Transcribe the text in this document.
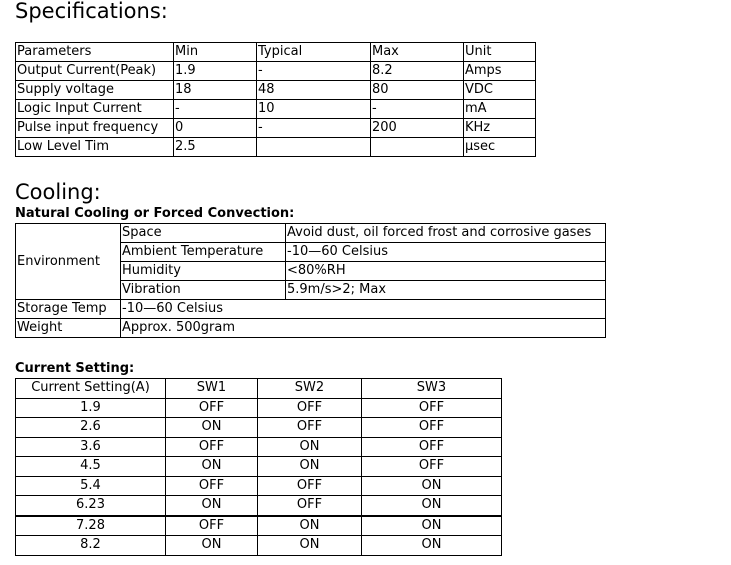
Specifications:
Parameters	Min	Typical	Max	Unit
Output Current(Peak)	1.9	-	8.2	Amps
Supply voltage	18	48	80	VDC
Logic Input Current	-	10	-	mA
Pulse input frequency	0	-	200	KHz
Low Level Tim	2.5			μsec
Cooling:
Natural Cooling or Forced Convection:
Environment	Space	Avoid dust, oil forced frost and corrosive gases
	Ambient Temperature	-10—60 Celsius
	Humidity	<80%RH
	Vibration	5.9m/s>2; Max
Storage Temp	-10—60 Celsius	
Weight	Approx. 500gram	
Current Setting:
Current Setting(A)	SW1	SW2	SW3
1.9	OFF	OFF	OFF
2.6	ON	OFF	OFF
3.6	OFF	ON	OFF
4.5	ON	ON	OFF
5.4	OFF	OFF	ON
6.23	ON	OFF	ON
7.28	OFF	ON	ON
8.2	ON	ON	ON
